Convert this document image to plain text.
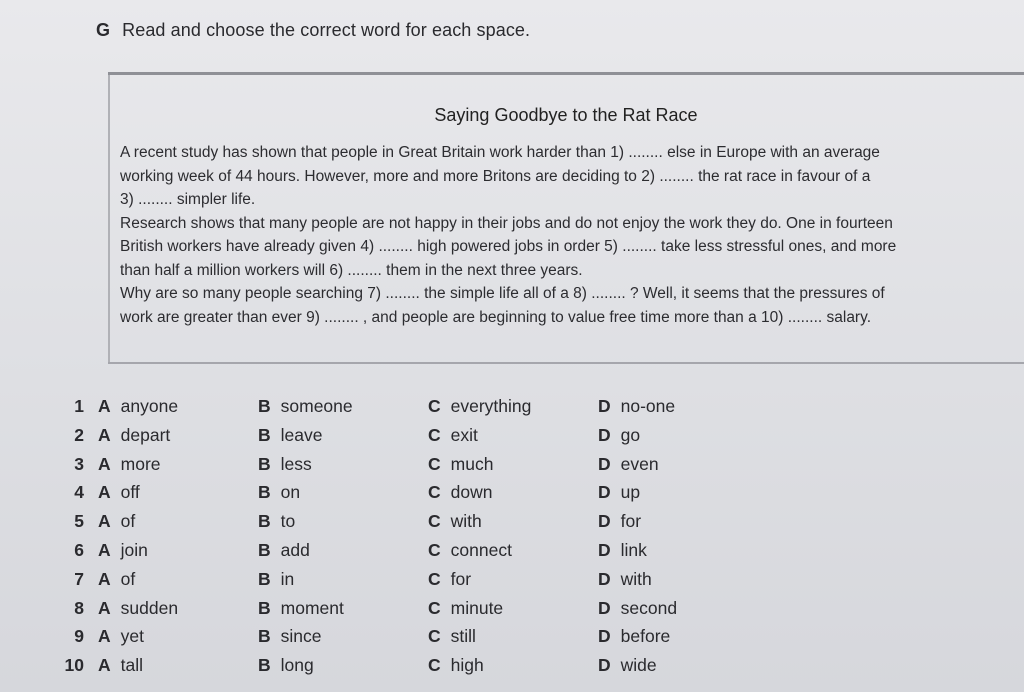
G Read and choose the correct word for each space.
Saying Goodbye to the Rat Race

A recent study has shown that people in Great Britain work harder than 1) ........ else in Europe with an average
working week of 44 hours. However, more and more Britons are deciding to 2) ........ the rat race in favour of a
3) ........ simpler life.
Research shows that many people are not happy in their jobs and do not enjoy the work they do. One in fourteen
British workers have already given 4) ........ high powered jobs in order 5) ........ take less stressful ones, and more
than half a million workers will 6) ........ them in the next three years.
Why are so many people searching 7) ........ the simple life all of a 8) ........ ? Well, it seems that the pressures of
work are greater than ever 9) ........ , and people are beginning to value free time more than a 10) ........ salary.

1 A anyone	B someone	C everything	D no-one
2 A depart	B leave	C exit	D go
3 A more	B less	C much	D even
4 A off	B on	C down	D up
5 A of	B to	C with	D for
6 A join	B add	C connect	D link
7 A of	B in	C for	D with
8 A sudden	B moment	C minute	D second
9 A yet	B since	C still	D before
10 A tall	B long	C high	D wide
